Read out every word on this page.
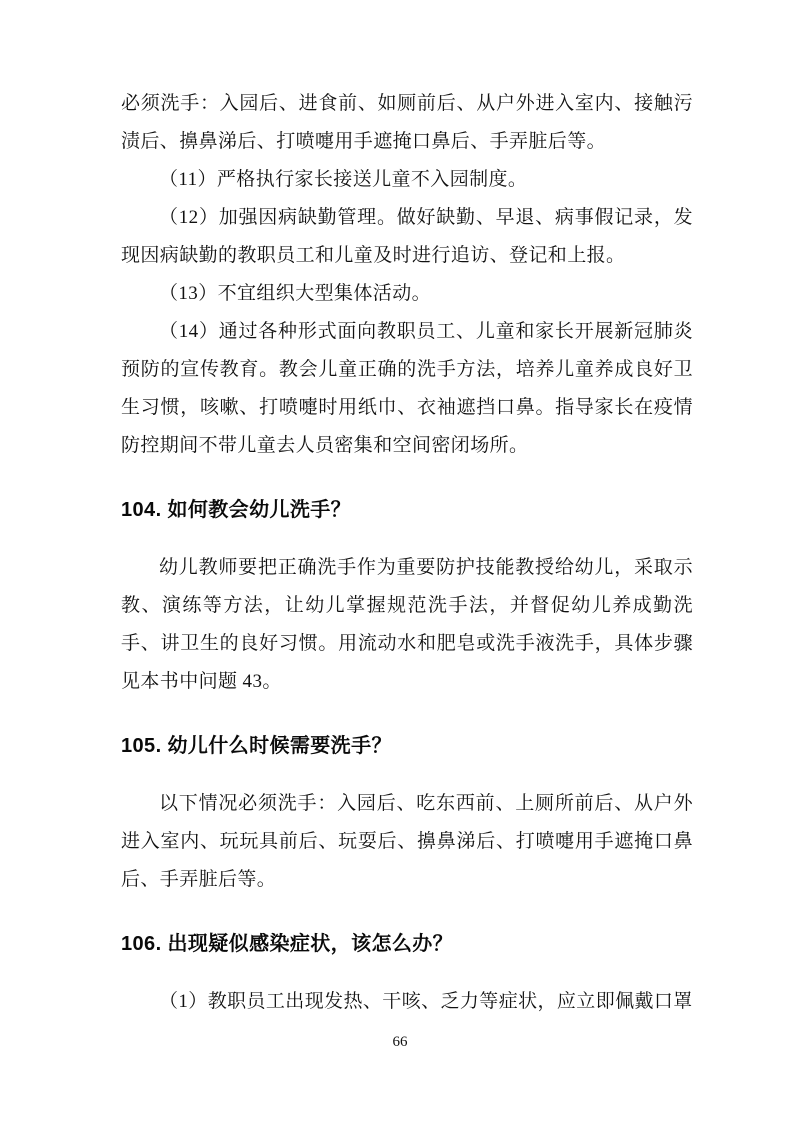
必须洗手：入园后、进食前、如厕前后、从户外进入室内、接触污渍后、擤鼻涕后、打喷嚏用手遮掩口鼻后、手弄脏后等。

（11）严格执行家长接送儿童不入园制度。

（12）加强因病缺勤管理。做好缺勤、早退、病事假记录，发现因病缺勤的教职员工和儿童及时进行追访、登记和上报。

（13）不宜组织大型集体活动。

（14）通过各种形式面向教职员工、儿童和家长开展新冠肺炎预防的宣传教育。教会儿童正确的洗手方法，培养儿童养成良好卫生习惯，咳嗽、打喷嚏时用纸巾、衣袖遮挡口鼻。指导家长在疫情防控期间不带儿童去人员密集和空间密闭场所。

104. 如何教会幼儿洗手？

幼儿教师要把正确洗手作为重要防护技能教授给幼儿，采取示教、演练等方法，让幼儿掌握规范洗手法，并督促幼儿养成勤洗手、讲卫生的良好习惯。用流动水和肥皂或洗手液洗手，具体步骤见本书中问题 43。

105. 幼儿什么时候需要洗手？

以下情况必须洗手：入园后、吃东西前、上厕所前后、从户外进入室内、玩玩具前后、玩耍后、擤鼻涕后、打喷嚏用手遮掩口鼻后、手弄脏后等。

106. 出现疑似感染症状，该怎么办？

（1）教职员工出现发热、干咳、乏力等症状，应立即佩戴口罩

66
